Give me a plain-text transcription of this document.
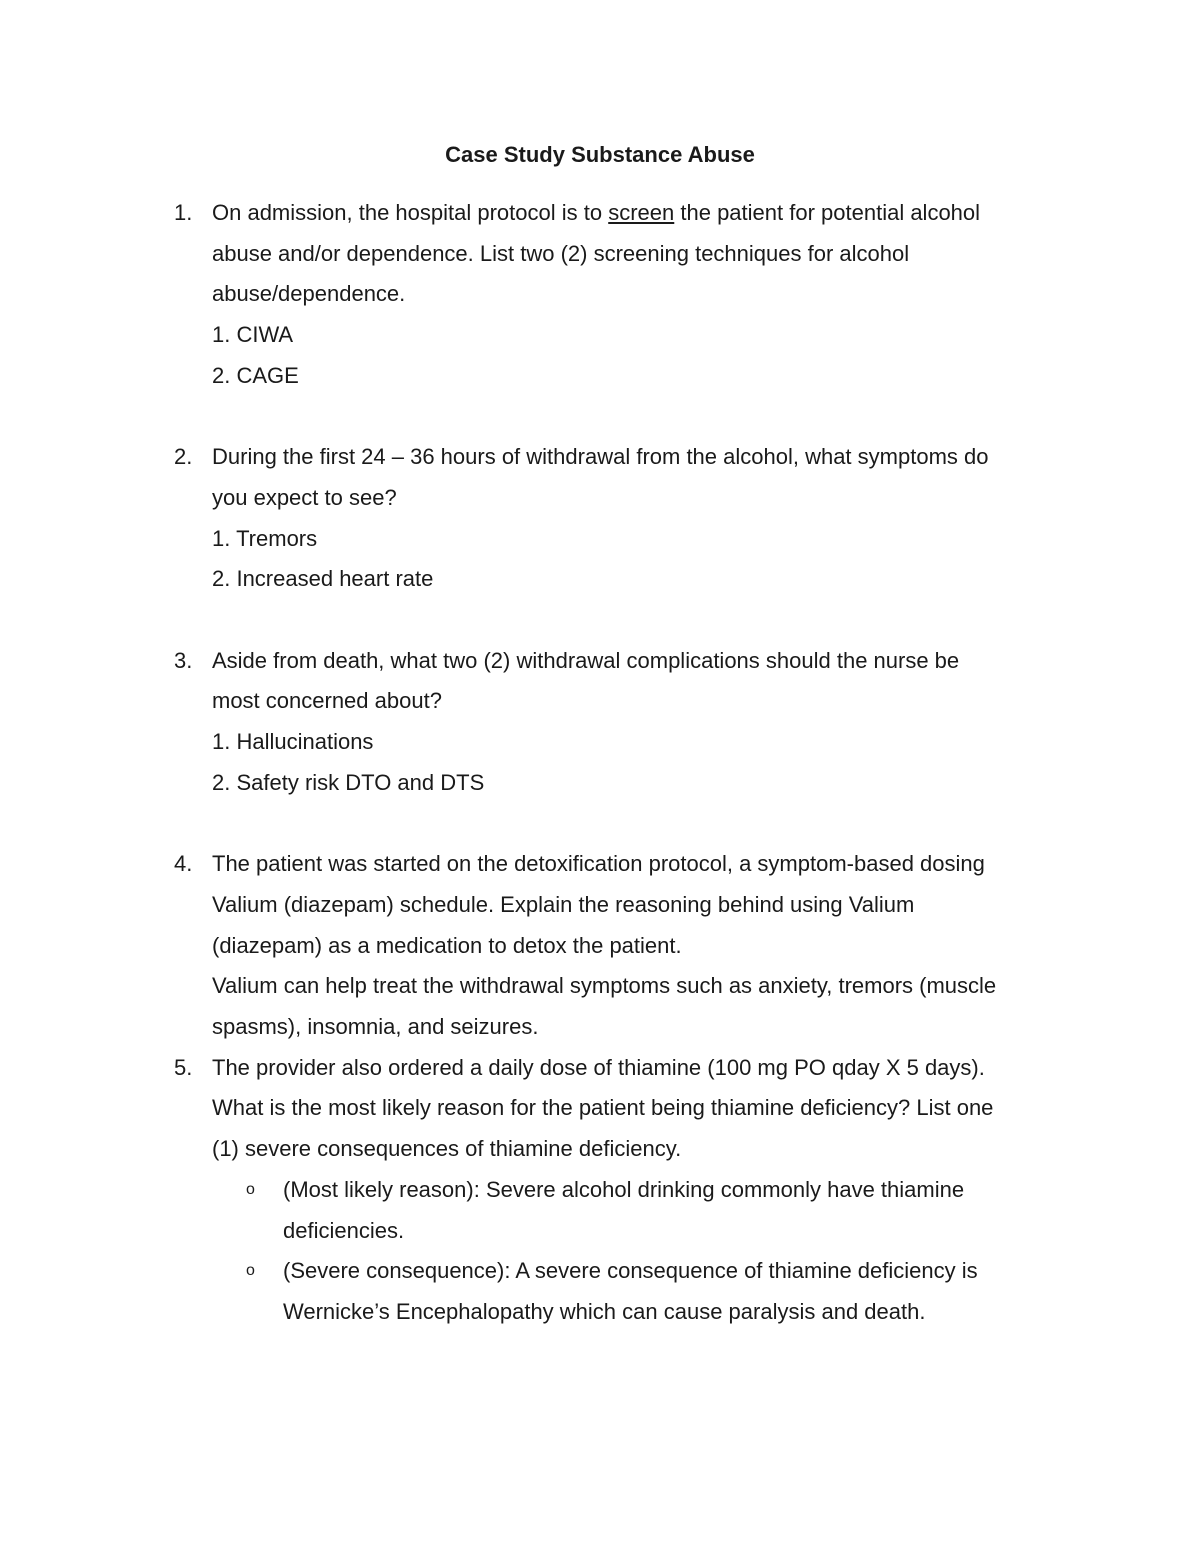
Case Study Substance Abuse
1. On admission, the hospital protocol is to screen the patient for potential alcohol
abuse and/or dependence. List two (2) screening techniques for alcohol
abuse/dependence.
1. CIWA
2. CAGE
2. During the first 24 – 36 hours of withdrawal from the alcohol, what symptoms do
you expect to see?
1. Tremors
2. Increased heart rate
3. Aside from death, what two (2) withdrawal complications should the nurse be
most concerned about?
1. Hallucinations
2. Safety risk DTO and DTS
4. The patient was started on the detoxification protocol, a symptom-based dosing
Valium (diazepam) schedule. Explain the reasoning behind using Valium
(diazepam) as a medication to detox the patient.
Valium can help treat the withdrawal symptoms such as anxiety, tremors (muscle
spasms), insomnia, and seizures.
5. The provider also ordered a daily dose of thiamine (100 mg PO qday X 5 days).
What is the most likely reason for the patient being thiamine deficiency? List one
(1) severe consequences of thiamine deficiency.
o (Most likely reason): Severe alcohol drinking commonly have thiamine
deficiencies.
o (Severe consequence): A severe consequence of thiamine deficiency is
Wernicke’s Encephalopathy which can cause paralysis and death.
